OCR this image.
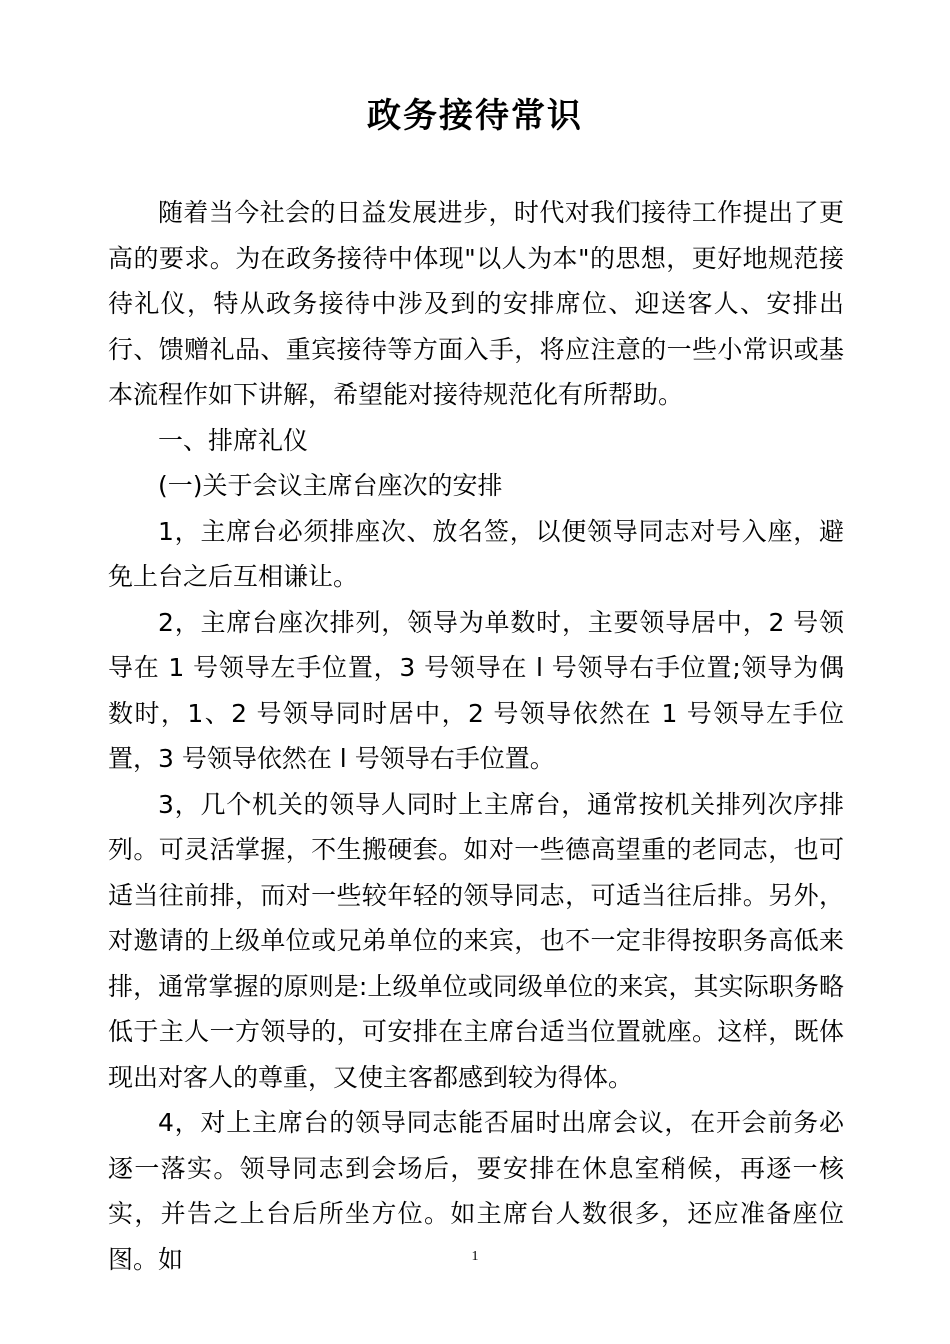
政务接待常识

随着当今社会的日益发展进步，时代对我们接待工作提出了更高的要求。为在政务接待中体现"以人为本"的思想，更好地规范接待礼仪，特从政务接待中涉及到的安排席位、迎送客人、安排出行、馈赠礼品、重宾接待等方面入手，将应注意的一些小常识或基本流程作如下讲解，希望能对接待规范化有所帮助。

一、排席礼仪

(一)关于会议主席台座次的安排

1，主席台必须排座次、放名签，以便领导同志对号入座，避免上台之后互相谦让。

2，主席台座次排列，领导为单数时，主要领导居中，2 号领导在 1 号领导左手位置，3 号领导在 l 号领导右手位置;领导为偶数时，1、2 号领导同时居中，2 号领导依然在 1 号领导左手位置，3 号领导依然在 l 号领导右手位置。

3，几个机关的领导人同时上主席台，通常按机关排列次序排列。可灵活掌握，不生搬硬套。如对一些德高望重的老同志，也可适当往前排，而对一些较年轻的领导同志，可适当往后排。另外，对邀请的上级单位或兄弟单位的来宾，也不一定非得按职务高低来排，通常掌握的原则是:上级单位或同级单位的来宾，其实际职务略低于主人一方领导的，可安排在主席台适当位置就座。这样，既体现出对客人的尊重，又使主客都感到较为得体。

4，对上主席台的领导同志能否届时出席会议，在开会前务必逐一落实。领导同志到会场后，要安排在休息室稍候，再逐一核实，并告之上台后所坐方位。如主席台人数很多，还应准备座位图。如	1
